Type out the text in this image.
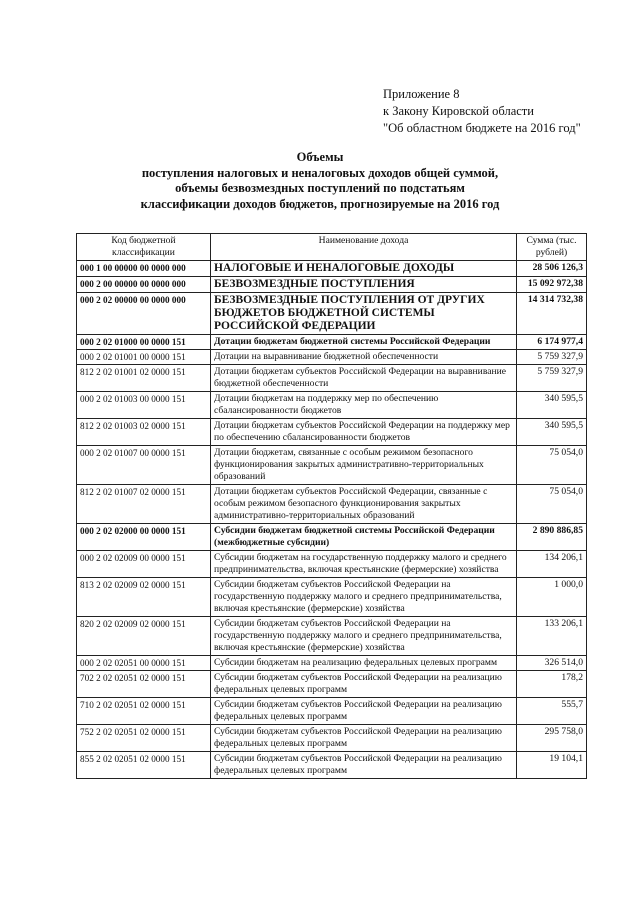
Приложение 8
к Закону Кировской области
"Об областном бюджете на 2016 год"
Объемы
поступления налоговых и неналоговых доходов общей суммой,
объемы безвозмездных поступлений по подстатьям
классификации доходов бюджетов, прогнозируемые на 2016 год
Код бюджетной классификации	Наименование дохода	Сумма (тыс. рублей)
000 1 00 00000 00 0000 000	НАЛОГОВЫЕ И НЕНАЛОГОВЫЕ ДОХОДЫ	28 506 126,3
000 2 00 00000 00 0000 000	БЕЗВОЗМЕЗДНЫЕ ПОСТУПЛЕНИЯ	15 092 972,38
000 2 02 00000 00 0000 000	БЕЗВОЗМЕЗДНЫЕ ПОСТУПЛЕНИЯ ОТ ДРУГИХ БЮДЖЕТОВ БЮДЖЕТНОЙ СИСТЕМЫ РОССИЙСКОЙ ФЕДЕРАЦИИ	14 314 732,38
000 2 02 01000 00 0000 151	Дотации бюджетам бюджетной системы Российской Федерации	6 174 977,4
000 2 02 01001 00 0000 151	Дотации на выравнивание бюджетной обеспеченности	5 759 327,9
812 2 02 01001 02 0000 151	Дотации бюджетам субъектов Российской Федерации на выравнивание бюджетной обеспеченности	5 759 327,9
000 2 02 01003 00 0000 151	Дотации бюджетам на поддержку мер по обеспечению сбалансированности бюджетов	340 595,5
812 2 02 01003 02 0000 151	Дотации бюджетам субъектов Российской Федерации на поддержку мер по обеспечению сбалансированности бюджетов	340 595,5
000 2 02 01007 00 0000 151	Дотации бюджетам, связанные с особым режимом безопасного функционирования закрытых административно-территориальных образований	75 054,0
812 2 02 01007 02 0000 151	Дотации бюджетам субъектов Российской Федерации, связанные с особым режимом безопасного функционирования закрытых административно-территориальных образований	75 054,0
000 2 02 02000 00 0000 151	Субсидии бюджетам бюджетной системы Российской Федерации (межбюджетные субсидии)	2 890 886,85
000 2 02 02009 00 0000 151	Субсидии бюджетам на государственную поддержку малого и среднего предпринимательства, включая крестьянские (фермерские) хозяйства	134 206,1
813 2 02 02009 02 0000 151	Субсидии бюджетам субъектов Российской Федерации на государственную поддержку малого и среднего предпринимательства, включая крестьянские (фермерские) хозяйства	1 000,0
820 2 02 02009 02 0000 151	Субсидии бюджетам субъектов Российской Федерации на государственную поддержку малого и среднего предпринимательства, включая крестьянские (фермерские) хозяйства	133 206,1
000 2 02 02051 00 0000 151	Субсидии бюджетам на реализацию федеральных целевых программ	326 514,0
702 2 02 02051 02 0000 151	Субсидии бюджетам субъектов Российской Федерации на реализацию федеральных целевых программ	178,2
710 2 02 02051 02 0000 151	Субсидии бюджетам субъектов Российской Федерации на реализацию федеральных целевых программ	555,7
752 2 02 02051 02 0000 151	Субсидии бюджетам субъектов Российской Федерации на реализацию федеральных целевых программ	295 758,0
855 2 02 02051 02 0000 151	Субсидии бюджетам субъектов Российской Федерации на реализацию федеральных целевых программ	19 104,1
